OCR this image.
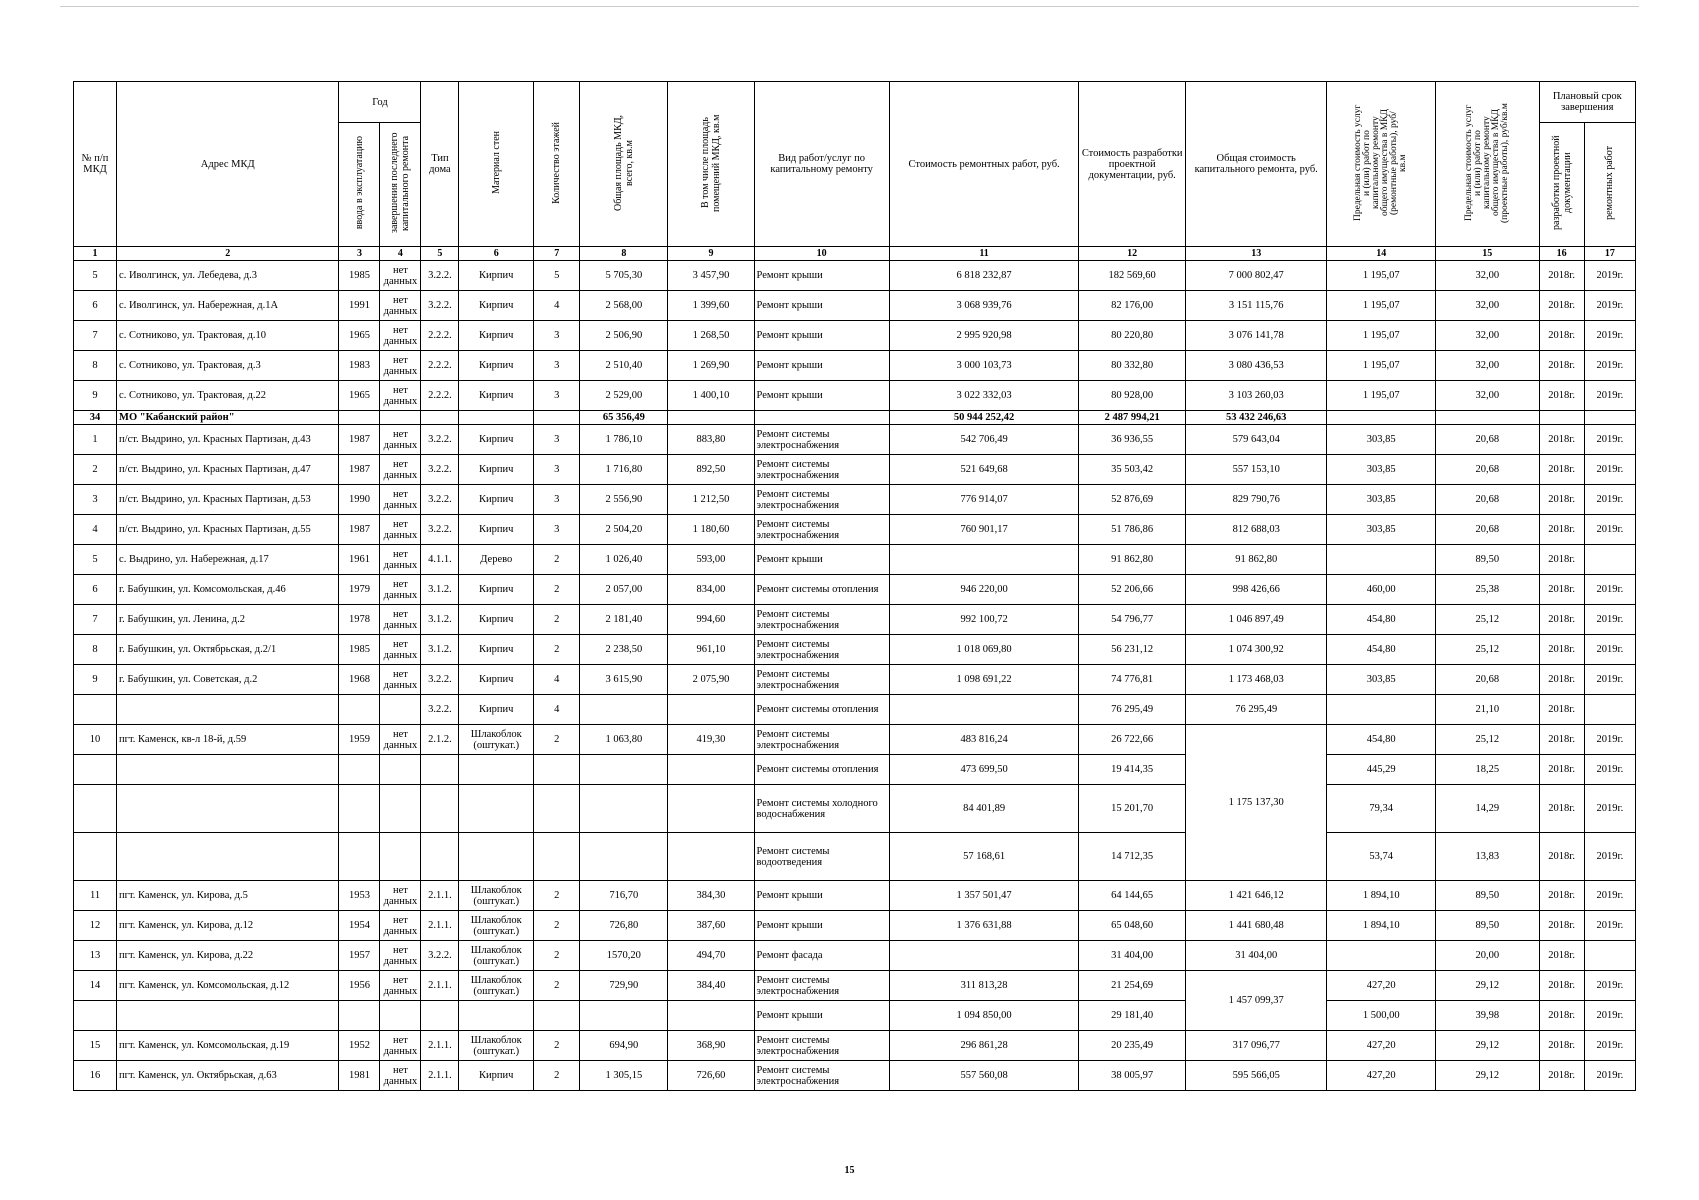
№ п/п МКД	Адрес МКД	Год		Тип дома	Материал стен	Количество этажей	Общая площадь МКД, всего, кв.м	В том числе площадь помещений МКД, кв.м	Вид работ/услуг по капитальному ремонту	Стоимость ремонтных работ, руб.	Стоимость разработки проектной документации, руб.	Общая стоимость капитального ремонта, руб.	Предельная стоимость услуг и (или) работ по капитальному ремонту общего имущества в МКД (ремонтные работы), руб/кв.м	Предельная стоимость услуг и (или) работ по капитальному ремонту общего имущества в МКД (проектные работы), руб/кв.м	Плановый срок завершения	
		ввода в эксплуатацию	завершения последнего капитального ремонта												разработки проектной документации	ремонтных работ
1	2	3	4	5	6	7	8	9	10	11	12	13	14	15	16	17
5	с. Иволгинск, ул. Лебедева, д.3	1985	нет данных	3.2.2.	Кирпич	5	5 705,30	3 457,90	Ремонт крыши	6 818 232,87	182 569,60	7 000 802,47	1 195,07	32,00	2018г.	2019г.
6	с. Иволгинск, ул. Набережная, д.1А	1991	нет данных	3.2.2.	Кирпич	4	2 568,00	1 399,60	Ремонт крыши	3 068 939,76	82 176,00	3 151 115,76	1 195,07	32,00	2018г.	2019г.
7	с. Сотниково, ул. Трактовая, д.10	1965	нет данных	2.2.2.	Кирпич	3	2 506,90	1 268,50	Ремонт крыши	2 995 920,98	80 220,80	3 076 141,78	1 195,07	32,00	2018г.	2019г.
8	с. Сотниково, ул. Трактовая, д.3	1983	нет данных	2.2.2.	Кирпич	3	2 510,40	1 269,90	Ремонт крыши	3 000 103,73	80 332,80	3 080 436,53	1 195,07	32,00	2018г.	2019г.
9	с. Сотниково, ул. Трактовая, д.22	1965	нет данных	2.2.2.	Кирпич	3	2 529,00	1 400,10	Ремонт крыши	3 022 332,03	80 928,00	3 103 260,03	1 195,07	32,00	2018г.	2019г.
34	МО "Кабанский район"						65 356,49			50 944 252,42	2 487 994,21	53 432 246,63				
1	п/ст. Выдрино, ул. Красных Партизан, д.43	1987	нет данных	3.2.2.	Кирпич	3	1 786,10	883,80	Ремонт системы электроснабжения	542 706,49	36 936,55	579 643,04	303,85	20,68	2018г.	2019г.
2	п/ст. Выдрино, ул. Красных Партизан, д.47	1987	нет данных	3.2.2.	Кирпич	3	1 716,80	892,50	Ремонт системы электроснабжения	521 649,68	35 503,42	557 153,10	303,85	20,68	2018г.	2019г.
3	п/ст. Выдрино, ул. Красных Партизан, д.53	1990	нет данных	3.2.2.	Кирпич	3	2 556,90	1 212,50	Ремонт системы электроснабжения	776 914,07	52 876,69	829 790,76	303,85	20,68	2018г.	2019г.
4	п/ст. Выдрино, ул. Красных Партизан, д.55	1987	нет данных	3.2.2.	Кирпич	3	2 504,20	1 180,60	Ремонт системы электроснабжения	760 901,17	51 786,86	812 688,03	303,85	20,68	2018г.	2019г.
5	с. Выдрино, ул. Набережная, д.17	1961	нет данных	4.1.1.	Дерево	2	1 026,40	593,00	Ремонт крыши		91 862,80	91 862,80		89,50	2018г.	
6	г. Бабушкин, ул. Комсомольская, д.46	1979	нет данных	3.1.2.	Кирпич	2	2 057,00	834,00	Ремонт системы отопления	946 220,00	52 206,66	998 426,66	460,00	25,38	2018г.	2019г.
7	г. Бабушкин, ул. Ленина, д.2	1978	нет данных	3.1.2.	Кирпич	2	2 181,40	994,60	Ремонт системы электроснабжения	992 100,72	54 796,77	1 046 897,49	454,80	25,12	2018г.	2019г.
8	г. Бабушкин, ул. Октябрьская, д.2/1	1985	нет данных	3.1.2.	Кирпич	2	2 238,50	961,10	Ремонт системы электроснабжения	1 018 069,80	56 231,12	1 074 300,92	454,80	25,12	2018г.	2019г.
9	г. Бабушкин, ул. Советская, д.2	1968	нет данных	3.2.2.	Кирпич	4	3 615,90	2 075,90	Ремонт системы электроснабжения	1 098 691,22	74 776,81	1 173 468,03	303,85	20,68	2018г.	2019г.
				3.2.2.	Кирпич	4			Ремонт системы отопления		76 295,49	76 295,49		21,10	2018г.	
10	пгт. Каменск, кв-л 18-й, д.59	1959	нет данных	2.1.2.	Шлакоблок (оштукат.)	2	1 063,80	419,30	Ремонт системы электроснабжения	483 816,24	26 722,66	1 175 137,30	454,80	25,12	2018г.	2019г.
									Ремонт системы отопления	473 699,50	19 414,35		445,29	18,25	2018г.	2019г.
									Ремонт системы холодного водоснабжения	84 401,89	15 201,70		79,34	14,29	2018г.	2019г.
									Ремонт системы водоотведения	57 168,61	14 712,35		53,74	13,83	2018г.	2019г.
11	пгт. Каменск, ул. Кирова, д.5	1953	нет данных	2.1.1.	Шлакоблок (оштукат.)	2	716,70	384,30	Ремонт крыши	1 357 501,47	64 144,65	1 421 646,12	1 894,10	89,50	2018г.	2019г.
12	пгт. Каменск, ул. Кирова, д.12	1954	нет данных	2.1.1.	Шлакоблок (оштукат.)	2	726,80	387,60	Ремонт крыши	1 376 631,88	65 048,60	1 441 680,48	1 894,10	89,50	2018г.	2019г.
13	пгт. Каменск, ул. Кирова, д.22	1957	нет данных	3.2.2.	Шлакоблок (оштукат.)	2	1570,20	494,70	Ремонт фасада		31 404,00	31 404,00		20,00	2018г.	
14	пгт. Каменск, ул. Комсомольская, д.12	1956	нет данных	2.1.1.	Шлакоблок (оштукат.)	2	729,90	384,40	Ремонт системы электроснабжения	311 813,28	21 254,69	1 457 099,37	427,20	29,12	2018г.	2019г.
									Ремонт крыши	1 094 850,00	29 181,40		1 500,00	39,98	2018г.	2019г.
15	пгт. Каменск, ул. Комсомольская, д.19	1952	нет данных	2.1.1.	Шлакоблок (оштукат.)	2	694,90	368,90	Ремонт системы электроснабжения	296 861,28	20 235,49	317 096,77	427,20	29,12	2018г.	2019г.
16	пгт. Каменск, ул. Октябрьская, д.63	1981	нет данных	2.1.1.	Кирпич	2	1 305,15	726,60	Ремонт системы электроснабжения	557 560,08	38 005,97	595 566,05	427,20	29,12	2018г.	2019г.
15
